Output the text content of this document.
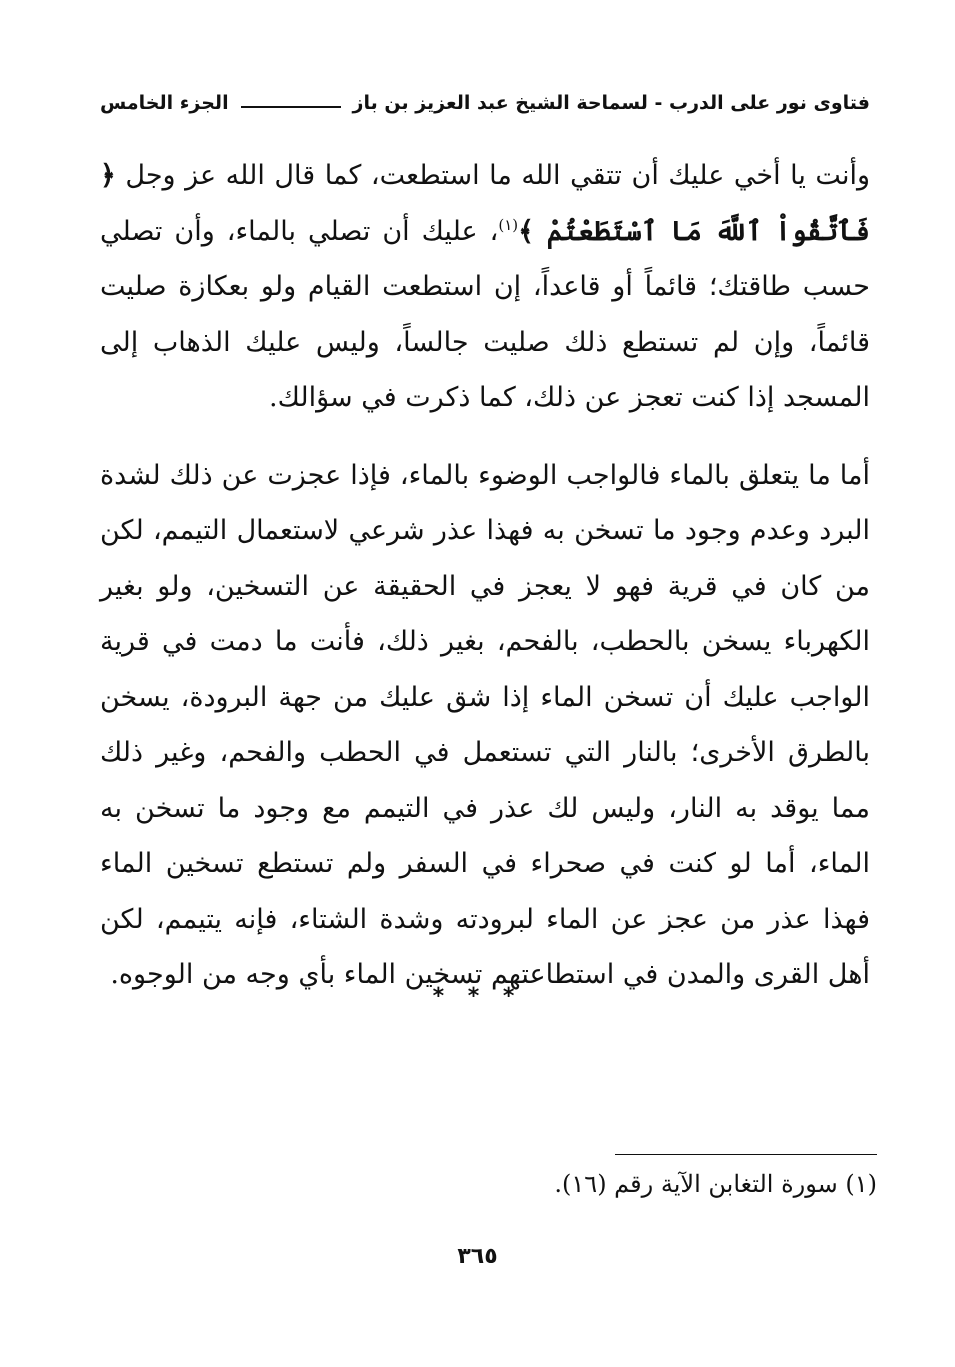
فتاوى نور على الدرب - لسماحة الشيخ عبد العزيز بن باز
الجزء الخامس

وأنت يا أخي عليك أن تتقي الله ما استطعت، كما قال الله عز وجل ﴿ فَٱتَّقُواْ ٱللَّهَ مَا ٱسْتَطَعْتُمْ ﴾$^{(١)}$، عليك أن تصلي بالماء، وأن تصلي حسب طاقتك؛ قائماً أو قاعداً، إن استطعت القيام ولو بعكازة صليت قائماً، وإن لم تستطع ذلك صليت جالساً، وليس عليك الذهاب إلى المسجد إذا كنت تعجز عن ذلك، كما ذكرت في سؤالك.

أما ما يتعلق بالماء فالواجب الوضوء بالماء، فإذا عجزت عن ذلك لشدة البرد وعدم وجود ما تسخن به فهذا عذر شرعي لاستعمال التيمم، لكن من كان في قرية فهو لا يعجز في الحقيقة عن التسخين، ولو بغير الكهرباء يسخن بالحطب، بالفحم، بغير ذلك، فأنت ما دمت في قرية الواجب عليك أن تسخن الماء إذا شق عليك من جهة البرودة، يسخن بالطرق الأخرى؛ بالنار التي تستعمل في الحطب والفحم، وغير ذلك مما يوقد به النار، وليس لك عذر في التيمم مع وجود ما تسخن به الماء، أما لو كنت في صحراء في السفر ولم تستطع تسخين الماء فهذا عذر من عجز عن الماء لبرودته وشدة الشتاء، فإنه يتيمم، لكن أهل القرى والمدن في استطاعتهم تسخين الماء بأي وجه من الوجوه.

* * *
(١) سورة التغابن الآية رقم (١٦).
٣٦٥
